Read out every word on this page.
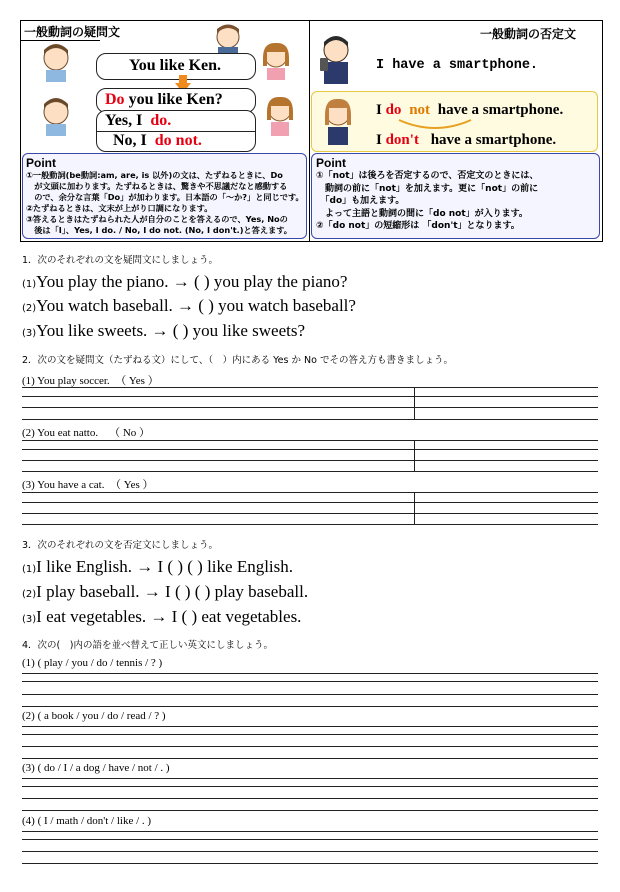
一般動詞の疑問文
You like Ken.
Do you like Ken?
Yes, I do.
No, I do not.
Point
①一般動詞(be動詞:am, are, is 以外)の文は、たずねるときに、Do
　が文頭に加わります。たずねるときは、驚きや不思議だなと感動する
　ので、余分な言葉「Do」が加わります。日本語の「〜か?」と同じです。
②たずねるときは、文末が上がり口調になります。
③答えるときはたずねられた人が自分のことを答えるので、Yes, Noの
　後は「I」、Yes, I do. / No, I do not. (No, I don't.)と答えます。
一般動詞の否定文
I have a smartphone.
I do not have a smartphone.
I don't have a smartphone.
Point
①「not」は後ろを否定するので、否定文のときには、
　動詞の前に「not」を加えます。更に「not」の前に
　「do」も加えます。
　よって主語と動詞の間に「do not」が入ります。
②「do not」の短縮形は 「don't」となります。
1．次のそれぞれの文を疑問文にしましょう。
(1)You play the piano. → ( ) you play the piano?
(2)You watch baseball. → ( ) you watch baseball?
(3)You like sweets. → ( ) you like sweets?
2．次の文を疑問文（たずねる文）にして、（　）内にある Yes か No でその答え方も書きましょう。
(1) You play soccer. （ Yes ）
(2) You eat natto. （ No ）
(3) You have a cat. （ Yes ）
3．次のそれぞれの文を否定文にしましょう。
(1)I like English. → I ( ) ( ) like English.
(2)I play baseball. → I ( ) ( ) play baseball.
(3)I eat vegetables. → I ( ) eat vegetables.
4．次の(　)内の語を並べ替えて正しい英文にしましょう。
(1) ( play / you / do / tennis / ? )
(2) ( a book / you / do / read / ? )
(3) ( do / I / a dog / have / not / . )
(4) ( I / math / don't / like / . )
